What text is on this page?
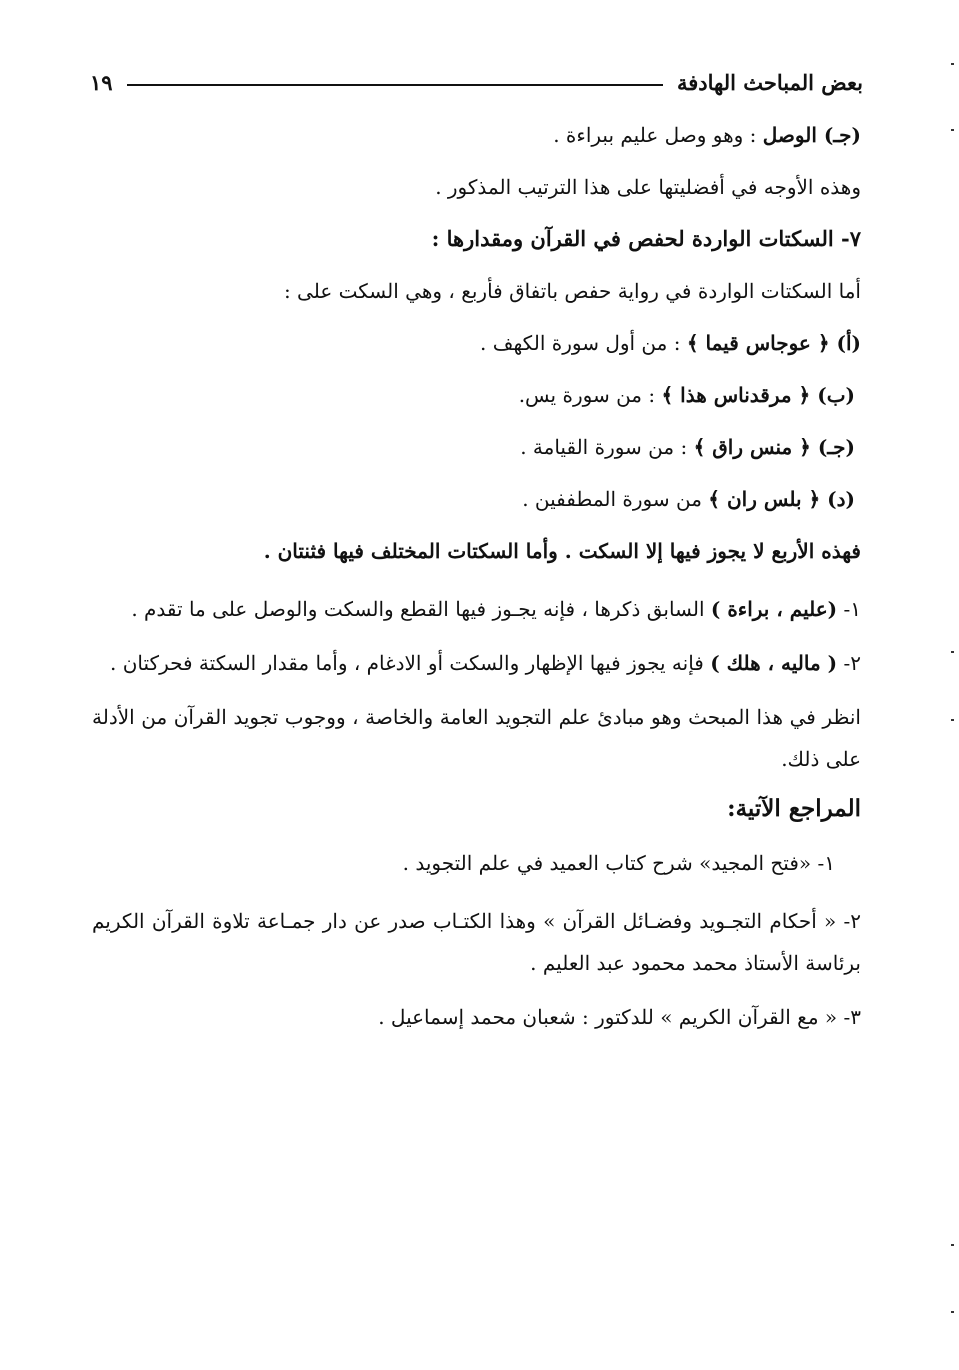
بعض المباحث الهادفة
١٩
(جـ) الوصل : وهو وصل عليم ببراءة .
وهذه الأوجه في أفضليتها على هذا الترتيب المذكور .
٧- السكتات الواردة لحفص في القرآن ومقدارها :
أما السكتات الواردة في رواية حفص باتفاق فأربع ، وهي السكت على :
(أ) ﴿ عوجاس قيما ﴾ : من أول سورة الكهف .
(ب) ﴿ مرقدناس هذا ﴾ : من سورة يس.
(جـ) ﴿ منس راق ﴾ : من سورة القيامة .
(د) ﴿ بلس ران ﴾ من سورة المطففين .
فهذه الأربع لا يجوز فيها إلا السكت . وأما السكتات المختلف فيها فثنتان .
١- (عليم ، براءة ) السابق ذكرها ، فإنه يجـوز فيها القطع والسكت والوصل على ما تقدم .
٢- ( ماليه ، هلك ) فإنه يجوز فيها الإظهار والسكت أو الادغام ، وأما مقدار السكتة فحركتان .
انظر في هذا المبحث وهو مبادئ علم التجويد العامة والخاصة ، ووجوب تجويد القرآن من الأدلة على ذلك.
المراجع الآتية:
١- «فتح المجيد» شرح كتاب العميد في علم التجويد .
٢- « أحكام التجـويد وفضـائل القرآن » وهذا الكتـاب صدر عن دار جمـاعة تلاوة القرآن الكريم برئاسة الأستاذ محمد محمود عبد العليم .
٣- « مع القرآن الكريم » للدكتور : شعبان محمد إسماعيل .
